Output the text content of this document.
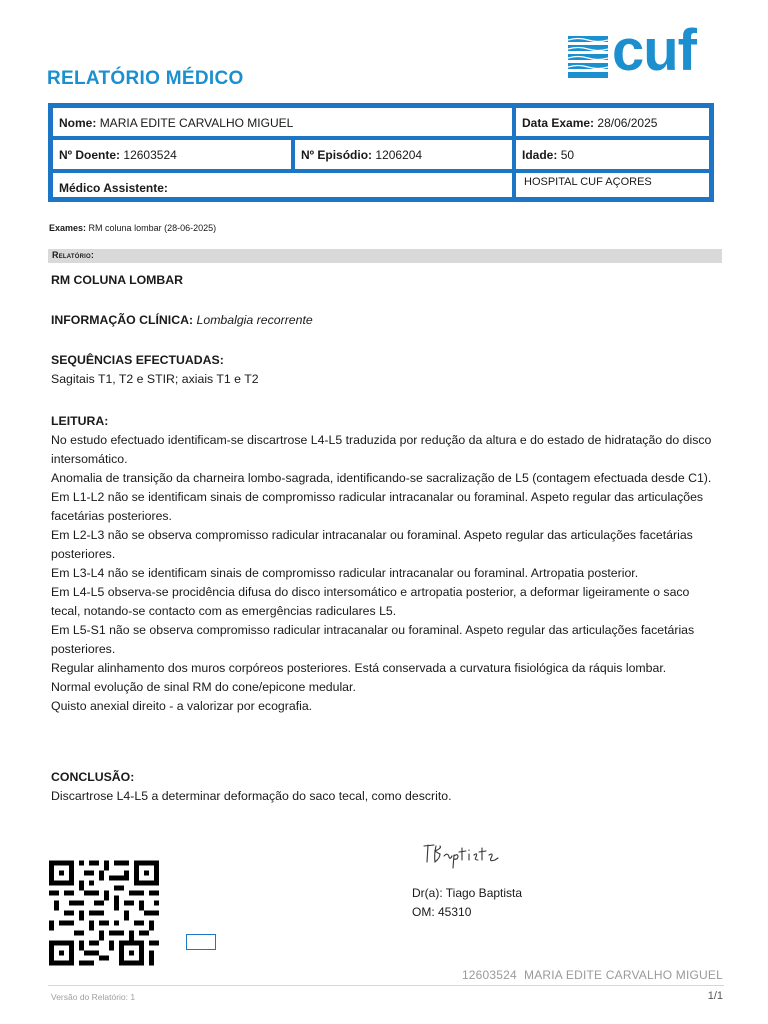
RELATÓRIO MÉDICO	cuf
Nome: MARIA EDITE CARVALHO MIGUEL	Data Exame: 28/06/2025
Nº Doente: 12603524	Nº Episódio: 1206204	Idade: 50
Médico Assistente:	HOSPITAL CUF AÇORES
Exames: RM coluna lombar (28-06-2025)
Relatório:

RM COLUNA LOMBAR

INFORMAÇÃO CLÍNICA: Lombalgia recorrente

SEQUÊNCIAS EFECTUADAS:

Sagitais T1, T2 e STIR; axiais T1 e T2

LEITURA:

No estudo efectuado identificam-se discartrose L4-L5 traduzida por redução da altura e do estado de hidratação do disco intersomático.

Anomalia de transição da charneira lombo-sagrada, identificando-se sacralização de L5 (contagem efectuada desde C1).

Em L1-L2 não se identificam sinais de compromisso radicular intracanalar ou foraminal. Aspeto regular das articulações facetárias posteriores.

Em L2-L3 não se observa compromisso radicular intracanalar ou foraminal. Aspeto regular das articulações facetárias posteriores.

Em L3-L4 não se identificam sinais de compromisso radicular intracanalar ou foraminal. Artropatia posterior.

Em L4-L5 observa-se procidência difusa do disco intersomático e artropatia posterior, a deformar ligeiramente o saco tecal, notando-se contacto com as emergências radiculares L5.

Em L5-S1 não se observa compromisso radicular intracanalar ou foraminal. Aspeto regular das articulações facetárias posteriores.

Regular alinhamento dos muros corpóreos posteriores. Está conservada a curvatura fisiológica da ráquis lombar.

Normal evolução de sinal RM do cone/epicone medular.

Quisto anexial direito - a valorizar por ecografia.

CONCLUSÃO:

Discartrose L4-L5 a determinar deformação do saco tecal, como descrito.

Dr(a): Tiago Baptista
OM: 45310
12603524  MARIA EDITE CARVALHO MIGUEL
Versão do Relatório: 1	1/1
